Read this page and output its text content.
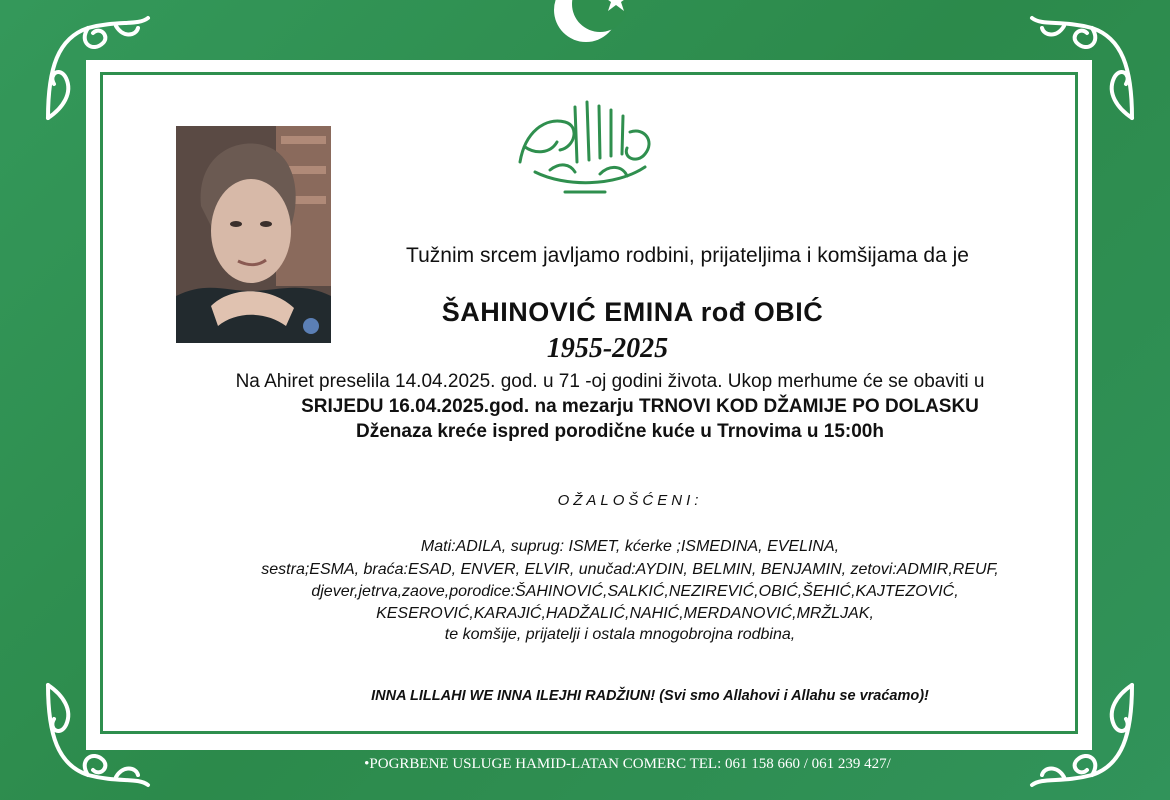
Tužnim srcem javljamo rodbini, prijateljima i komšijama da je
ŠAHINOVIĆ EMINA rođ OBIĆ
1955-2025
Na Ahiret preselila 14.04.2025. god. u 71 -oj godini života. Ukop merhume će se obaviti u
SRIJEDU 16.04.2025.god. na mezarju TRNOVI KOD DŽAMIJE PO DOLASKU
Dženaza kreće ispred porodične kuće u Trnovima u 15:00h
OŽALOŠĆENI:
Mati:ADILA, suprug: ISMET, kćerke ;ISMEDINA, EVELINA,
sestra;ESMA, braća:ESAD, ENVER, ELVIR, unučad:AYDIN, BELMIN, BENJAMIN, zetovi:ADMIR,REUF,
djever,jetrva,zaove,porodice:ŠAHINOVIĆ,SALKIĆ,NEZIREVIĆ,OBIĆ,ŠEHIĆ,KAJTEZOVIĆ,
KESEROVIĆ,KARAJIĆ,HADŽALIĆ,NAHIĆ,MERDANOVIĆ,MRŽLJAK,
te komšije, prijatelji i ostala mnogobrojna rodbina,
INNA LILLAHI WE INNA ILEJHI RADŽIUN! (Svi smo Allahovi i Allahu se vraćamo)!
•POGRBENE USLUGE HAMID-LATAN COMERC TEL: 061 158 660 / 061 239 427/
